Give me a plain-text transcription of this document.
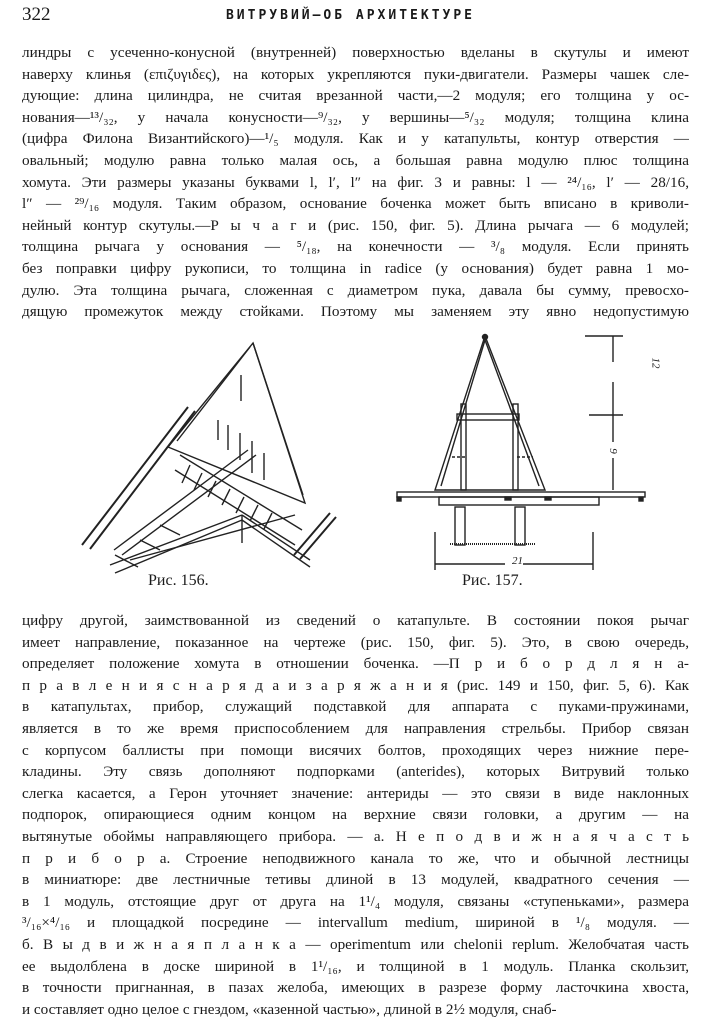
322	ВИТРУВИЙ—ОБ АРХИТЕКТУРЕ
линдры с усеченно-конусной (внутренней) поверхностью вделаны в скутулы и имеют
наверху клинья (επιζυγιδες), на которых укрепляются пуки-двигатели. Размеры чашек сле-
дующие: длина цилиндра, не считая врезанной части,—2 модуля; его толщина у ос-
нования—¹³/₃₂, у начала конусности—⁹/₃₂, у вершины—⁵/₃₂ модуля; толщина клина
(цифра Филона Византийского)—¹/₅ модуля. Как и у катапульты, контур отверстия —
овальный; модулю равна только малая ось, а большая равна модулю плюс толщина
хомута. Эти размеры указаны буквами l, l′, l″ на фиг. 3 и равны: l — ²⁴/₁₆, l′ — 28/16,
l″ — ²⁹/₁₆ модуля. Таким образом, основание боченка может быть вписано в криволи-
нейный контур скутулы.—Р ы ч а г и (рис. 150, фиг. 5). Длина рычага — 6 модулей;
толщина рычага у основания — ⁵/₁₈, на конечности — ³/₈ модуля. Если принять
без поправки цифру рукописи, то толщина in radice (у основания) будет равна 1 мо-
дулю. Эта толщина рычага, сложенная с диаметром пука, давала бы сумму, превосхо-
дящую промежуток между стойками. Поэтому мы заменяем эту явно недопустимую
Рис. 156.
12
9
21
Рис. 157.
цифру другой, заимствованной из сведений о катапульте. В состоянии покоя рычаг
имеет направление, показанное на чертеже (рис. 150, фиг. 5). Это, в свою очередь,
определяет положение хомута в отношении боченка. —П р и б о р д л я н а-
п р а в л е н и я с н а р я д а и з а р я ж а н и я (рис. 149 и 150, фиг. 5, 6). Как
в катапультах, прибор, служащий подставкой для аппарата с пуками-пружинами,
является в то же время приспособлением для направления стрельбы. Прибор связан
с корпусом баллисты при помощи висячих болтов, проходящих через нижние пере-
кладины. Эту связь дополняют подпорками (anterides), которых Витрувий только
слегка касается, а Герон уточняет значение: антериды — это связи в виде наклонных
подпорок, опирающиеся одним концом на верхние связи головки, а другим — на
вытянутые обоймы направляющего прибора. — а. Н е п о д в и ж н а я ч а с т ь
п р и б о р а. Строение неподвижного канала то же, что и обычной лестницы
в миниатюре: две лестничные тетивы длиной в 13 модулей, квадратного сечения —
в 1 модуль, отстоящие друг от друга на 1¹/₄ модуля, связаны «ступеньками», размера
³/₁₆×⁴/₁₆ и площадкой посредине — intervallum medium, шириной в ¹/₈ модуля. —
б. В ы д в и ж н а я п л а н к а — operimentum или chelonii replum. Желобчатая часть
ее выдолблена в доске шириной в 1¹/₁₆, и толщиной в 1 модуль. Планка скользит,
в точности пригнанная, в пазах желоба, имеющих в разрезе форму ласточкина хвоста,
и составляет одно целое с гнездом, «казенной частью», длиной в 2½ модуля, снаб-
